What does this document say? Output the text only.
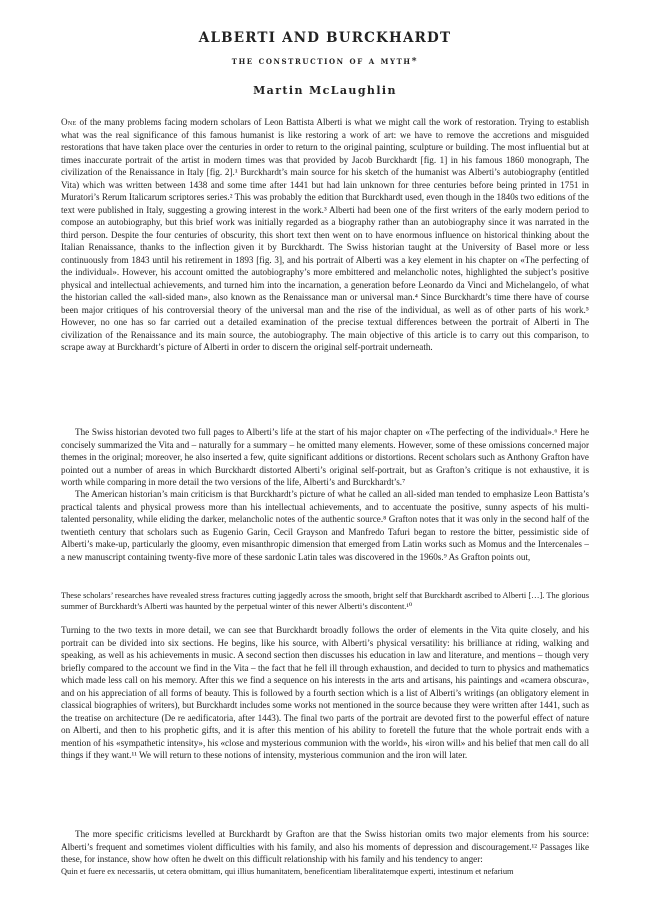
ALBERTI AND BURCKHARDT
the construction of a myth*
Martin McLaughlin
One of the many problems facing modern scholars of Leon Battista Alberti is what we might call the work of restoration. Trying to establish what was the real significance of this famous humanist is like restoring a work of art: we have to remove the accretions and misguided restorations that have taken place over the centuries in order to return to the original painting, sculpture or building. The most influential but at times inaccurate portrait of the artist in modern times was that provided by Jacob Burckhardt [fig. 1] in his famous 1860 monograph, The civilization of the Renaissance in Italy [fig. 2].¹ Burckhardt’s main source for his sketch of the humanist was Alberti’s autobiography (entitled Vita) which was written between 1438 and some time after 1441 but had lain unknown for three centuries before being printed in 1751 in Muratori’s Rerum Italicarum scriptores series.² This was probably the edition that Burckhardt used, even though in the 1840s two editions of the text were published in Italy, suggesting a growing interest in the work.³ Alberti had been one of the first writers of the early modern period to compose an autobiography, but this brief work was initially regarded as a biography rather than an autobiography since it was narrated in the third person. Despite the four centuries of obscurity, this short text then went on to have enormous influence on historical thinking about the Italian Renaissance, thanks to the inflection given it by Burckhardt. The Swiss historian taught at the University of Basel more or less continuously from 1843 until his retirement in 1893 [fig. 3], and his portrait of Alberti was a key element in his chapter on «The perfecting of the individual». However, his account omitted the autobiography’s more embittered and melancholic notes, highlighted the subject’s positive physical and intellectual achievements, and turned him into the incarnation, a generation before Leonardo da Vinci and Michelangelo, of what the historian called the «all-sided man», also known as the Renaissance man or universal man.⁴ Since Burckhardt’s time there have of course been major critiques of his controversial theory of the universal man and the rise of the individual, as well as of other parts of his work.⁵ However, no one has so far carried out a detailed examination of the precise textual differences between the portrait of Alberti in The civilization of the Renaissance and its main source, the autobiography. The main objective of this article is to carry out this comparison, to scrape away at Burckhardt’s picture of Alberti in order to discern the original self-portrait underneath.
The Swiss historian devoted two full pages to Alberti’s life at the start of his major chapter on «The perfecting of the individual».⁶ Here he concisely summarized the Vita and – naturally for a summary – he omitted many elements. However, some of these omissions concerned major themes in the original; moreover, he also inserted a few, quite significant additions or distortions. Recent scholars such as Anthony Grafton have pointed out a number of areas in which Burckhardt distorted Alberti’s original self-portrait, but as Grafton’s critique is not exhaustive, it is worth while comparing in more detail the two versions of the life, Alberti’s and Burckhardt’s.⁷
The American historian’s main criticism is that Burckhardt’s picture of what he called an all-sided man tended to emphasize Leon Battista’s practical talents and physical prowess more than his intellectual achievements, and to accentuate the positive, sunny aspects of his multi-talented personality, while eliding the darker, melancholic notes of the authentic source.⁸ Grafton notes that it was only in the second half of the twentieth century that scholars such as Eugenio Garin, Cecil Grayson and Manfredo Tafuri began to restore the bitter, pessimistic side of Alberti’s make-up, particularly the gloomy, even misanthropic dimension that emerged from Latin works such as Momus and the Intercenales – a new manuscript containing twenty-five more of these sardonic Latin tales was discovered in the 1960s.⁹ As Grafton points out,
These scholars’ researches have revealed stress fractures cutting jaggedly across the smooth, bright self that Burckhardt ascribed to Alberti […]. The glorious summer of Burckhardt’s Alberti was haunted by the perpetual winter of this newer Alberti’s discontent.¹⁰
Turning to the two texts in more detail, we can see that Burckhardt broadly follows the order of elements in the Vita quite closely, and his portrait can be divided into six sections. He begins, like his source, with Alberti’s physical versatility: his brilliance at riding, walking and speaking, as well as his achievements in music. A second section then discusses his education in law and literature, and mentions – though very briefly compared to the account we find in the Vita – the fact that he fell ill through exhaustion, and decided to turn to physics and mathematics which made less call on his memory. After this we find a sequence on his interests in the arts and artisans, his paintings and «camera obscura», and on his appreciation of all forms of beauty. This is followed by a fourth section which is a list of Alberti’s writings (an obligatory element in classical biographies of writers), but Burckhardt includes some works not mentioned in the source because they were written after 1441, such as the treatise on architecture (De re aedificatoria, after 1443). The final two parts of the portrait are devoted first to the powerful effect of nature on Alberti, and then to his prophetic gifts, and it is after this mention of his ability to foretell the future that the whole portrait ends with a mention of his «sympathetic intensity», his «close and mysterious communion with the world», his «iron will» and his belief that men call do all things if they want.¹¹ We will return to these notions of intensity, mysterious communion and the iron will later.
The more specific criticisms levelled at Burckhardt by Grafton are that the Swiss historian omits two major elements from his source: Alberti’s frequent and sometimes violent difficulties with his family, and also his moments of depression and discouragement.¹² Passages like these, for instance, show how often he dwelt on this difficult relationship with his family and his tendency to anger:
Quin et fuere ex necessariis, ut cetera obmittam, qui illius humanitatem, beneficentiam liberalitatemque experti, intestinum et nefarium
